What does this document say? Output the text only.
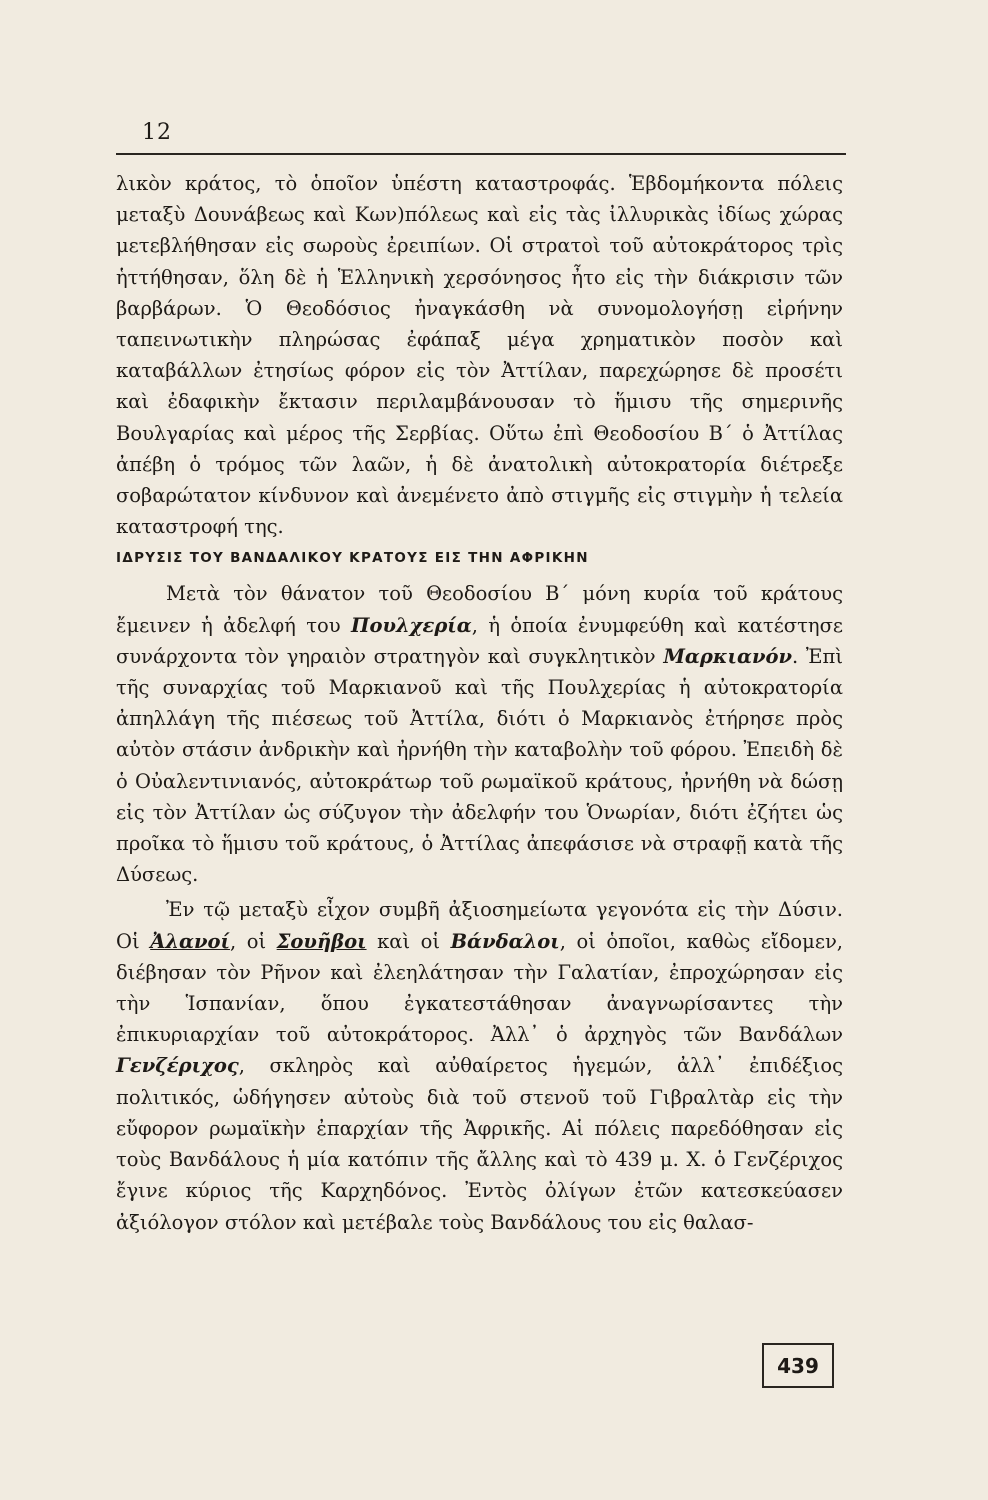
12

λικὸν κράτος, τὸ ὁποῖον ὑπέστη καταστροφάς. Ἑβδομήκοντα πόλεις μεταξὺ Δουνάβεως καὶ Κων)πόλεως καὶ εἰς τὰς ἰλλυρικὰς ἰδίως χώρας μετεβλήθησαν εἰς σωροὺς ἐρειπίων. Οἱ στρατοὶ τοῦ αὐτοκράτορος τρὶς ἡττήθησαν, ὅλη δὲ ἡ Ἑλληνικὴ χερσόνησος ἦτο εἰς τὴν διάκρισιν τῶν βαρβάρων. Ὁ Θεοδόσιος ἠναγκάσθη νὰ συνομολογήσῃ εἰρήνην ταπεινωτικὴν πληρώσας ἐφάπαξ μέγα χρηματικὸν ποσὸν καὶ καταβάλλων ἐτησίως φόρον εἰς τὸν Ἀττίλαν, παρεχώρησε δὲ προσέτι καὶ ἐδαφικὴν ἔκτασιν περιλαμβάνουσαν τὸ ἥμισυ τῆς σημερινῆς Βουλγαρίας καὶ μέρος τῆς Σερβίας. Οὕτω ἐπὶ Θεοδοσίου Β΄ ὁ Ἀττίλας ἀπέβη ὁ τρόμος τῶν λαῶν, ἡ δὲ ἀνατολικὴ αὐτοκρατορία διέτρεξε σοβαρώτατον κίνδυνον καὶ ἀνεμένετο ἀπὸ στιγμῆς εἰς στιγμὴν ἡ τελεία καταστροφή της.

ΙΔΡΥΣΙΣ ΤΟΥ ΒΑΝΔΑΛΙΚΟΥ ΚΡΑΤΟΥΣ ΕΙΣ ΤΗΝ ΑΦΡΙΚΗΝ

Μετὰ τὸν θάνατον τοῦ Θεοδοσίου Β΄ μόνη κυρία τοῦ κράτους ἔμεινεν ἡ ἀδελφή του Πουλχερία, ἡ ὁποία ἐνυμφεύθη καὶ κατέστησε συνάρχοντα τὸν γηραιὸν στρατηγὸν καὶ συγκλητικὸν Μαρκιανόν. Ἐπὶ τῆς συναρχίας τοῦ Μαρκιανοῦ καὶ τῆς Πουλχερίας ἡ αὐτοκρατορία ἀπηλλάγη τῆς πιέσεως τοῦ Ἀττίλα, διότι ὁ Μαρκιανὸς ἐτήρησε πρὸς αὐτὸν στάσιν ἀνδρικὴν καὶ ἠρνήθη τὴν καταβολὴν τοῦ φόρου. Ἐπειδὴ δὲ ὁ Οὐαλεντινιανός, αὐτοκράτωρ τοῦ ρωμαϊκοῦ κράτους, ἠρνήθη νὰ δώσῃ εἰς τὸν Ἀττίλαν ὡς σύζυγον τὴν ἀδελφήν του Ὁνωρίαν, διότι ἐζήτει ὡς προῖκα τὸ ἥμισυ τοῦ κράτους, ὁ Ἀττίλας ἀπεφάσισε νὰ στραφῇ κατὰ τῆς Δύσεως.

Ἐν τῷ μεταξὺ εἶχον συμβῆ ἀξιοσημείωτα γεγονότα εἰς τὴν Δύσιν. Οἱ Ἀλανοί, οἱ Σουῆβοι καὶ οἱ Βάνδαλοι, οἱ ὁποῖοι, καθὼς εἴδομεν, διέβησαν τὸν Ρῆνον καὶ ἐλεηλάτησαν τὴν Γαλατίαν, ἐπροχώρησαν εἰς τὴν Ἱσπανίαν, ὅπου ἐγκατεστάθησαν ἀναγνωρίσαντες τὴν ἐπικυριαρχίαν τοῦ αὐτοκράτορος. Ἀλλ᾿ ὁ ἀρχηγὸς τῶν Βανδάλων Γενζέριχος, σκληρὸς καὶ αὐθαίρετος ἡγεμών, ἀλλ᾿ ἐπιδέξιος πολιτικός, ὡδήγησεν αὐτοὺς διὰ τοῦ στενοῦ τοῦ Γιβραλτὰρ εἰς τὴν εὔφορον ρωμαϊκὴν ἐπαρχίαν τῆς Ἀφρικῆς. Αἱ πόλεις παρεδόθησαν εἰς τοὺς Βανδάλους ἡ μία κατόπιν τῆς ἄλλης καὶ τὸ 439 μ. Χ. ὁ Γενζέριχος ἔγινε κύριος τῆς Καρχηδόνος. Ἐντὸς ὀλίγων ἐτῶν κατεσκεύασεν ἀξιόλογον στόλον καὶ μετέβαλε τοὺς Βανδάλους του εἰς θαλασ-

439
